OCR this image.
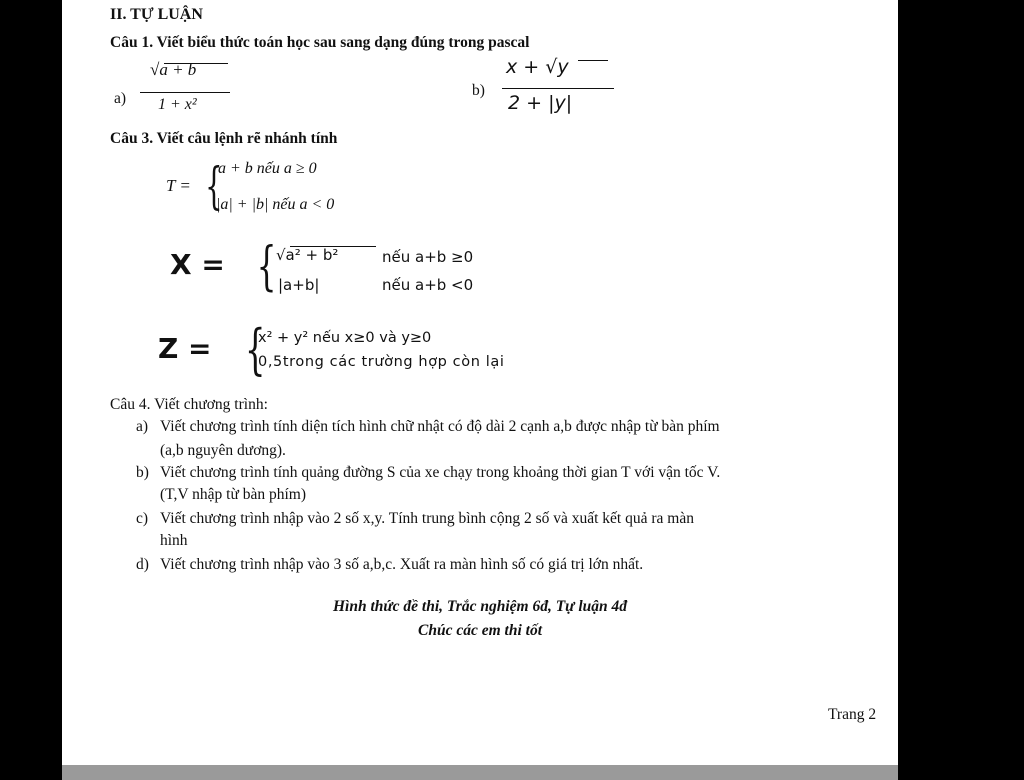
II. TỰ LUẬN
Câu 1. Viết biểu thức toán học sau sang dạng đúng trong pascal
a)
√a + b
1 + x²
b)
x + √y
2 + |y|
Câu 3. Viết câu lệnh rẽ nhánh tính
T = {
a + b nếu a ≥ 0
|a| + |b| nếu a < 0
X = { √a² + b²	nếu a+b ≥0
|a+b|	nếu a+b <0
Z = {
x² + y² nếu x≥0 và y≥0
0,5trong các trường hợp còn lại
Câu 4. Viết chương trình:
a) Viết chương trình tính diện tích hình chữ nhật có độ dài 2 cạnh a,b được nhập từ bàn phím
(a,b nguyên dương).
b) Viết chương trình tính quảng đường S của xe chạy trong khoảng thời gian T với vận tốc V.
(T,V nhập từ bàn phím)
c) Viết chương trình nhập vào 2 số x,y. Tính trung bình cộng 2 số và xuất kết quả ra màn
hình
d) Viết chương trình nhập vào 3 số a,b,c. Xuất ra màn hình số có giá trị lớn nhất.
Hình thức đề thi, Trắc nghiệm 6đ, Tự luận 4đ
Chúc các em thi tốt
Trang 2
